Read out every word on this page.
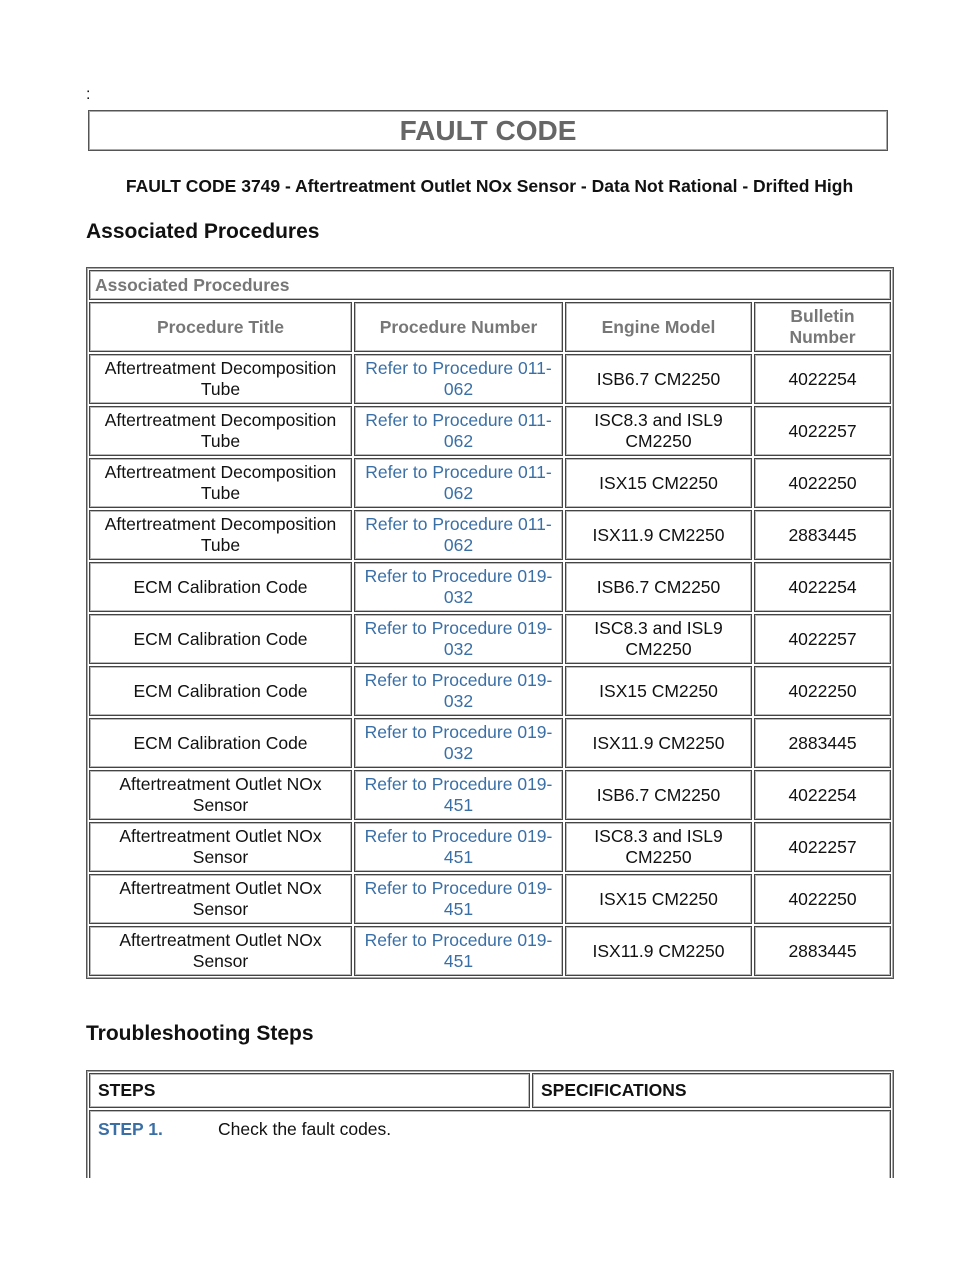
:
FAULT CODE
FAULT CODE 3749 - Aftertreatment Outlet NOx Sensor - Data Not Rational - Drifted High
Associated Procedures
Associated Procedures			
Procedure Title	Procedure Number	Engine Model	Bulletin Number
Aftertreatment Decomposition Tube	Refer to Procedure 011-062	ISB6.7 CM2250	4022254
Aftertreatment Decomposition Tube	Refer to Procedure 011-062	ISC8.3 and ISL9 CM2250	4022257
Aftertreatment Decomposition Tube	Refer to Procedure 011-062	ISX15 CM2250	4022250
Aftertreatment Decomposition Tube	Refer to Procedure 011-062	ISX11.9 CM2250	2883445
ECM Calibration Code	Refer to Procedure 019-032	ISB6.7 CM2250	4022254
ECM Calibration Code	Refer to Procedure 019-032	ISC8.3 and ISL9 CM2250	4022257
ECM Calibration Code	Refer to Procedure 019-032	ISX15 CM2250	4022250
ECM Calibration Code	Refer to Procedure 019-032	ISX11.9 CM2250	2883445
Aftertreatment Outlet NOx Sensor	Refer to Procedure 019-451	ISB6.7 CM2250	4022254
Aftertreatment Outlet NOx Sensor	Refer to Procedure 019-451	ISC8.3 and ISL9 CM2250	4022257
Aftertreatment Outlet NOx Sensor	Refer to Procedure 019-451	ISX15 CM2250	4022250
Aftertreatment Outlet NOx Sensor	Refer to Procedure 019-451	ISX11.9 CM2250	2883445
Troubleshooting Steps
STEPS	SPECIFICATIONS
STEP 1.	Check the fault codes.
